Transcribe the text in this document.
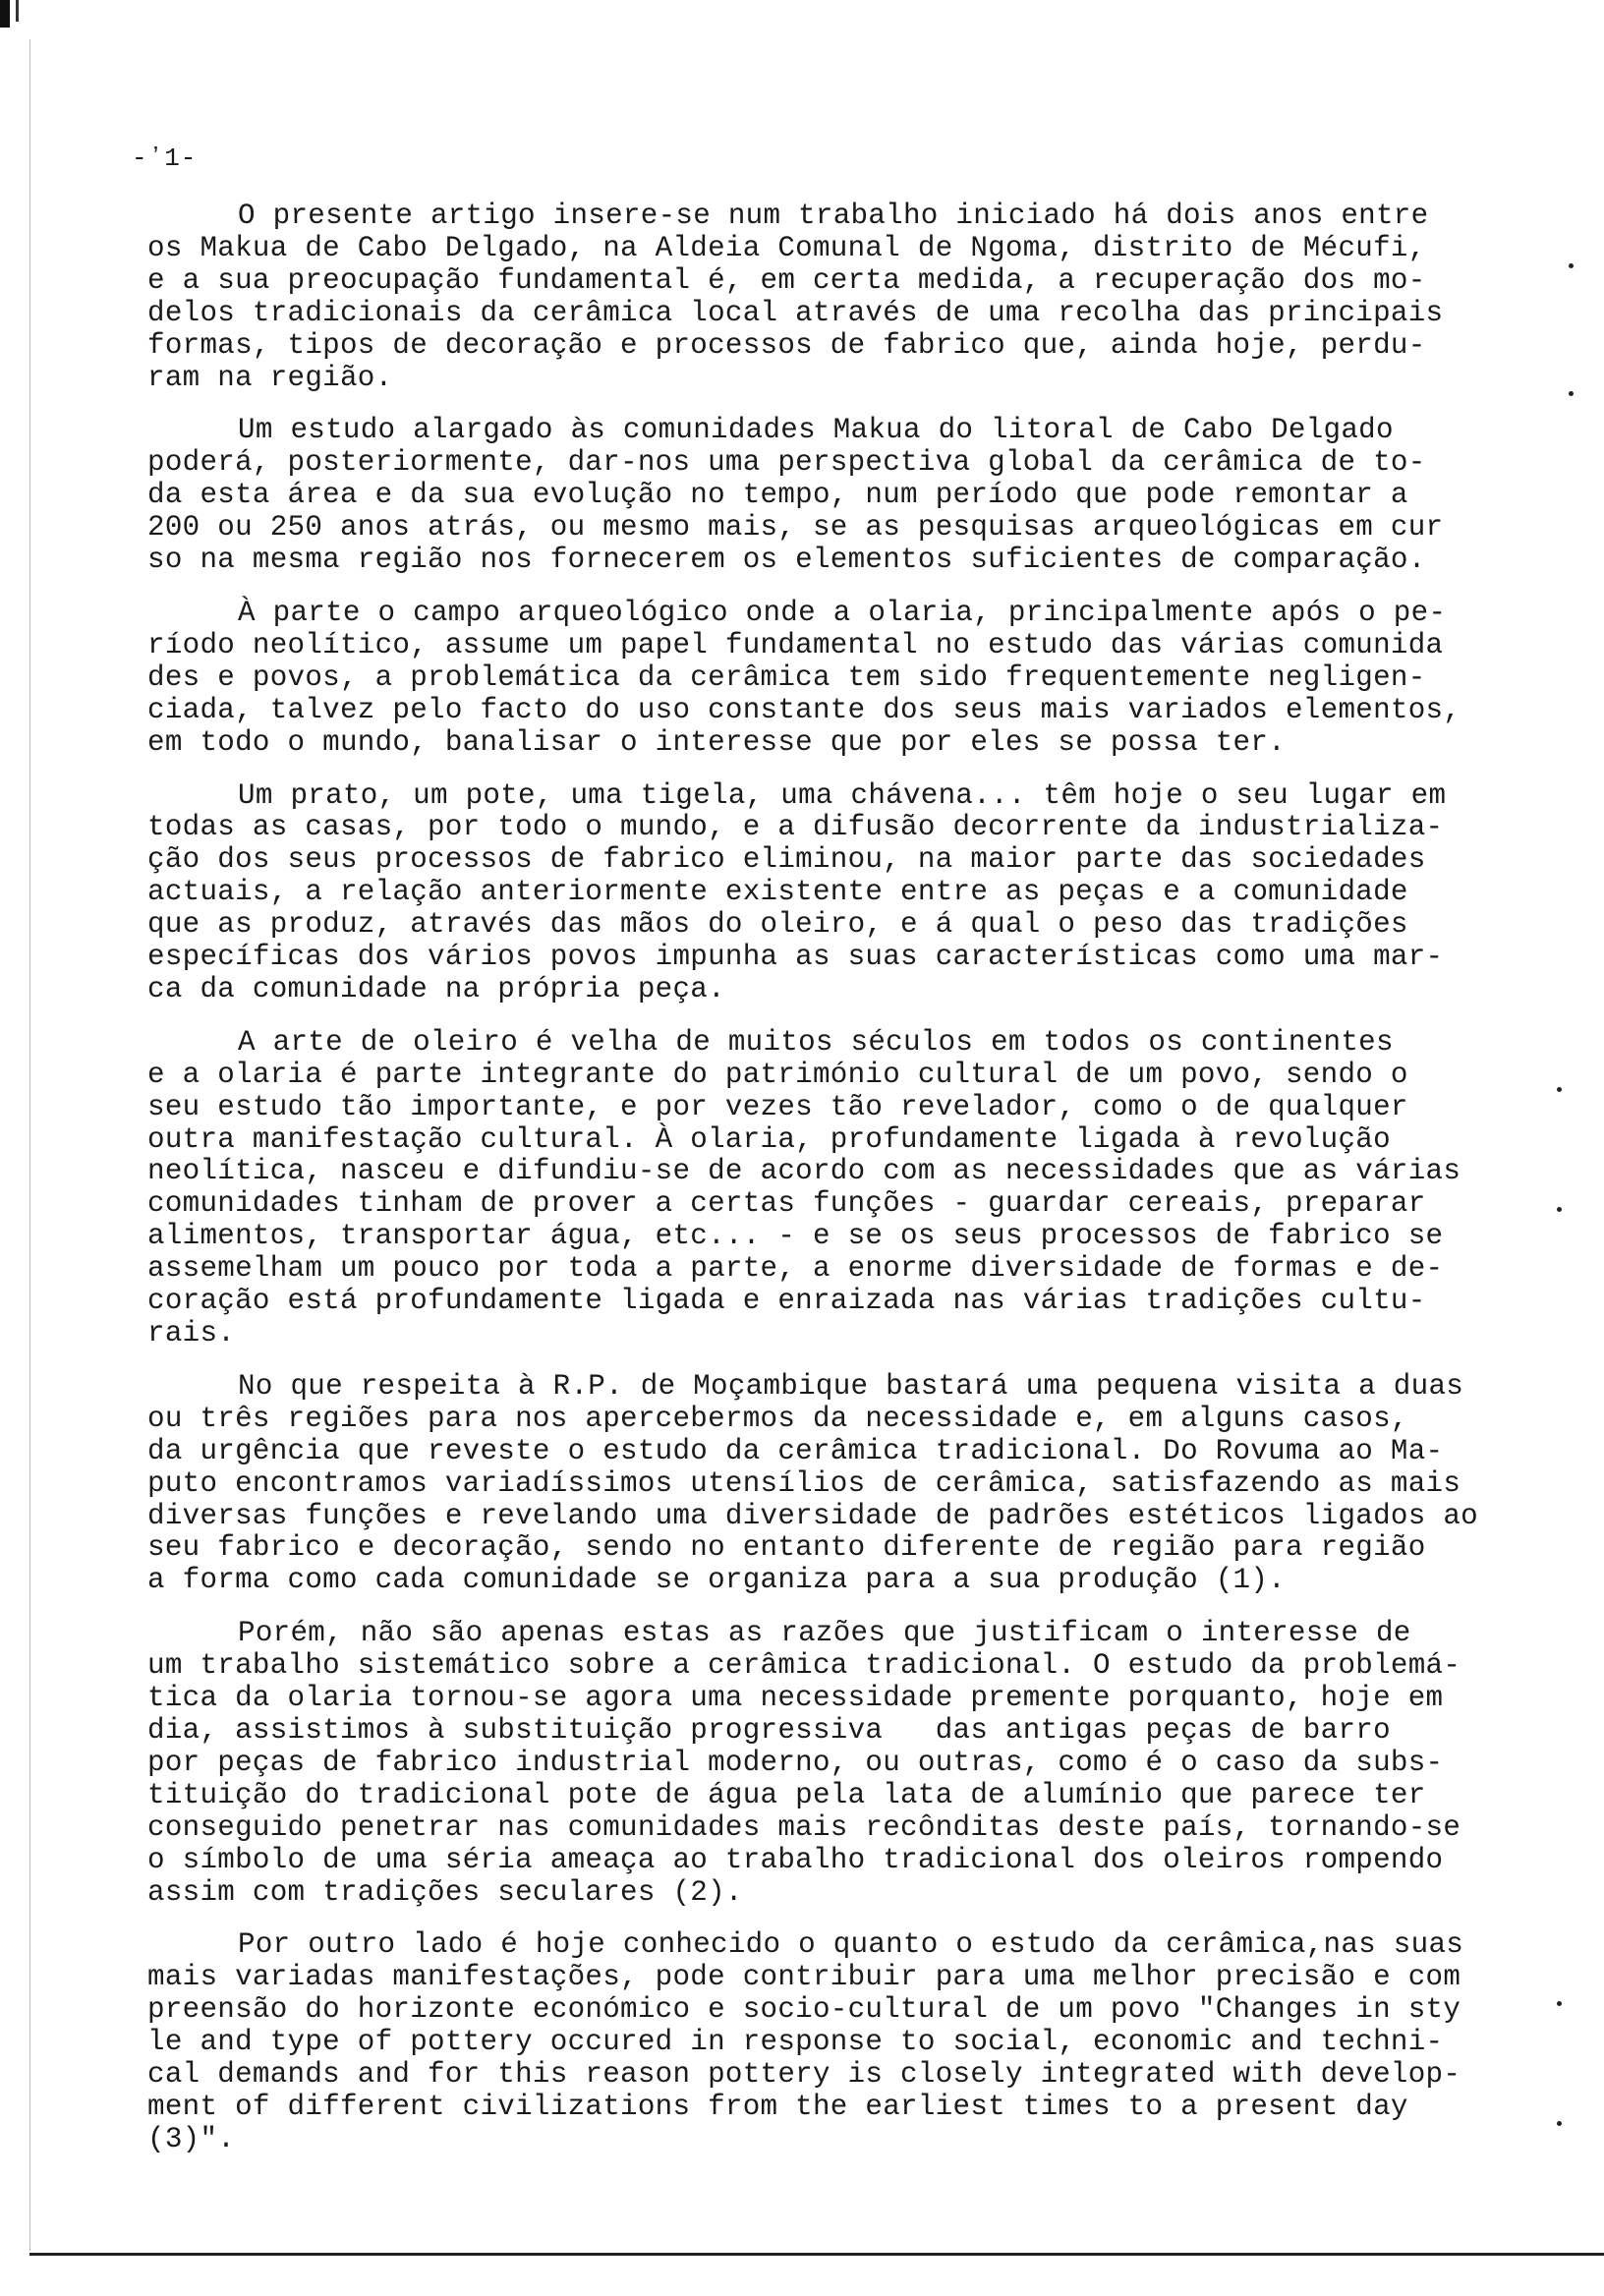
-ʼ1-
O presente artigo insere-se num trabalho iniciado há dois anos entre
os Makua de Cabo Delgado, na Aldeia Comunal de Ngoma, distrito de Mécufi,
e a sua preocupação fundamental é, em certa medida, a recuperação dos mo-
delos tradicionais da cerâmica local através de uma recolha das principais
formas, tipos de decoração e processos de fabrico que, ainda hoje, perdu-
ram na região.
Um estudo alargado às comunidades Makua do litoral de Cabo Delgado
poderá, posteriormente, dar-nos uma perspectiva global da cerâmica de to-
da esta área e da sua evolução no tempo, num período que pode remontar a
200 ou 250 anos atrás, ou mesmo mais, se as pesquisas arqueológicas em cur
so na mesma região nos fornecerem os elementos suficientes de comparação.
À parte o campo arqueológico onde a olaria, principalmente após o pe-
ríodo neolítico, assume um papel fundamental no estudo das várias comunida
des e povos, a problemática da cerâmica tem sido frequentemente negligen-
ciada, talvez pelo facto do uso constante dos seus mais variados elementos,
em todo o mundo, banalisar o interesse que por eles se possa ter.
Um prato, um pote, uma tigela, uma chávena... têm hoje o seu lugar em
todas as casas, por todo o mundo, e a difusão decorrente da industrializa-
ção dos seus processos de fabrico eliminou, na maior parte das sociedades
actuais, a relação anteriormente existente entre as peças e a comunidade
que as produz, através das mãos do oleiro, e á qual o peso das tradições
específicas dos vários povos impunha as suas características como uma mar-
ca da comunidade na própria peça.
A arte de oleiro é velha de muitos séculos em todos os continentes
e a olaria é parte integrante do património cultural de um povo, sendo o
seu estudo tão importante, e por vezes tão revelador, como o de qualquer
outra manifestação cultural. À olaria, profundamente ligada à revolução
neolítica, nasceu e difundiu-se de acordo com as necessidades que as várias
comunidades tinham de prover a certas funções - guardar cereais, preparar
alimentos, transportar água, etc... - e se os seus processos de fabrico se
assemelham um pouco por toda a parte, a enorme diversidade de formas e de-
coração está profundamente ligada e enraizada nas várias tradições cultu-
rais.
No que respeita à R.P. de Moçambique bastará uma pequena visita a duas
ou três regiões para nos apercebermos da necessidade e, em alguns casos,
da urgência que reveste o estudo da cerâmica tradicional. Do Rovuma ao Ma-
puto encontramos variadíssimos utensílios de cerâmica, satisfazendo as mais
diversas funções e revelando uma diversidade de padrões estéticos ligados ao
seu fabrico e decoração, sendo no entanto diferente de região para região
a forma como cada comunidade se organiza para a sua produção (1).
Porém, não são apenas estas as razões que justificam o interesse de
um trabalho sistemático sobre a cerâmica tradicional. O estudo da problemá-
tica da olaria tornou-se agora uma necessidade premente porquanto, hoje em
dia, assistimos à substituição progressiva   das antigas peças de barro
por peças de fabrico industrial moderno, ou outras, como é o caso da subs-
tituição do tradicional pote de água pela lata de alumínio que parece ter
conseguido penetrar nas comunidades mais recônditas deste país, tornando-se
o símbolo de uma séria ameaça ao trabalho tradicional dos oleiros rompendo
assim com tradições seculares (2).
Por outro lado é hoje conhecido o quanto o estudo da cerâmica,nas suas
mais variadas manifestações, pode contribuir para uma melhor precisão e com
preensão do horizonte económico e socio-cultural de um povo "Changes in sty
le and type of pottery occured in response to social, economic and techni-
cal demands and for this reason pottery is closely integrated with develop-
ment of different civilizations from the earliest times to a present day
(3)".
